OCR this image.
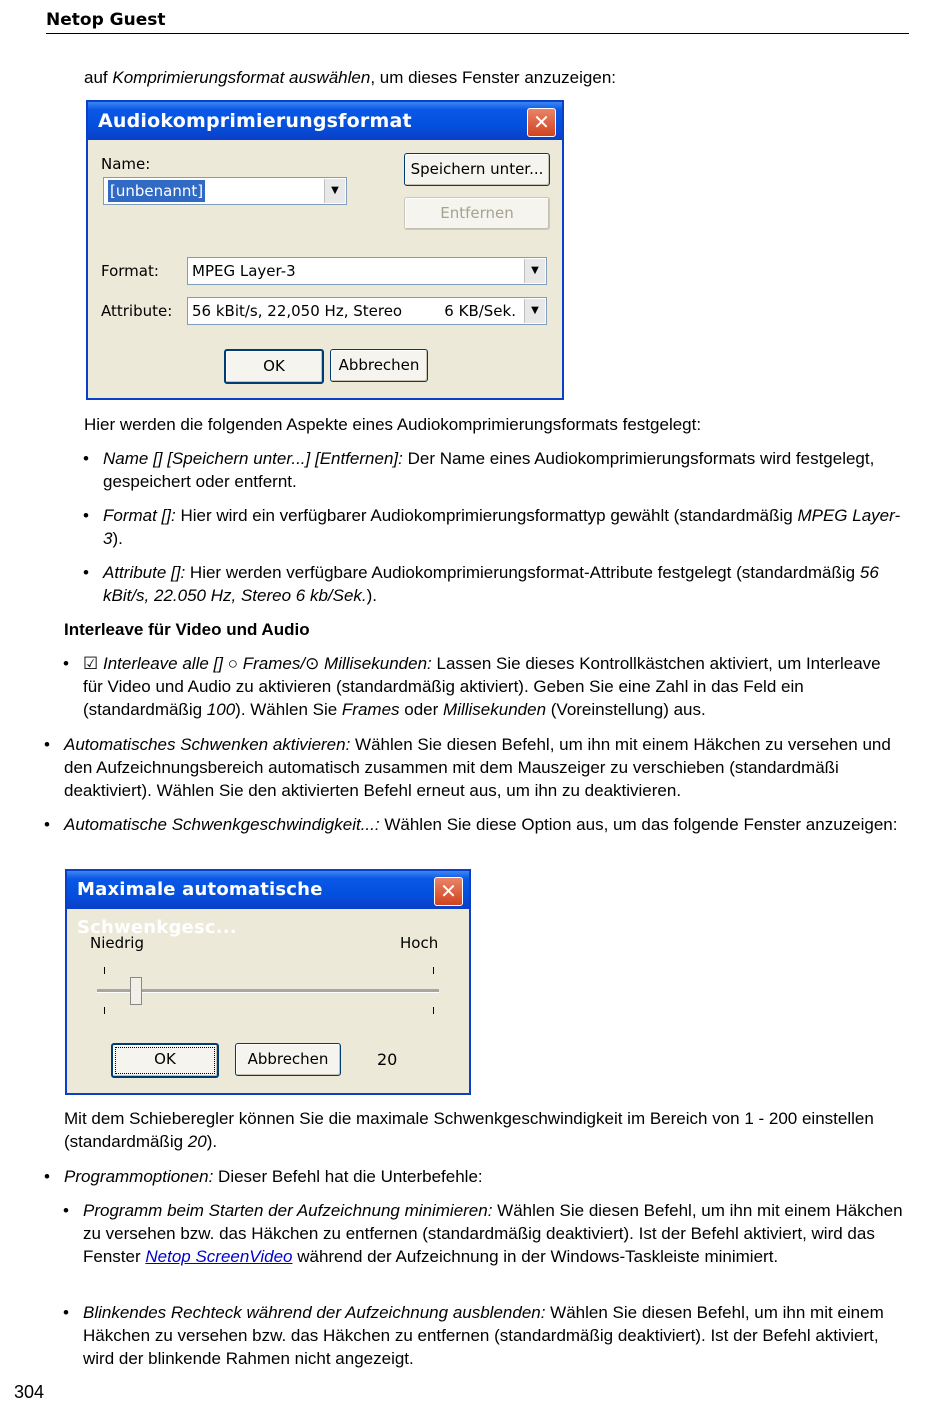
Netop Guest
auf Komprimierungsformat auswählen, um dieses Fenster anzuzeigen:
Audiokomprimierungsformat	✕
Name:
[unbenannt]	▼
Speichern unter...
Entfernen
Format: MPEG Layer-3	▼
Attribute: 56 kBit/s, 22,050 Hz, Stereo	6 KB/Sek.	▼
OK	Abbrechen
Hier werden die folgenden Aspekte eines Audiokomprimierungsformats festgelegt:
• Name [] [Speichern unter...] [Entfernen]: Der Name eines Audiokomprimierungsformats wird festgelegt, gespeichert oder entfernt.
• Format []: Hier wird ein verfügbarer Audiokomprimierungsformattyp gewählt (standardmäßig MPEG Layer-3).
• Attribute []: Hier werden verfügbare Audiokomprimierungsformat-Attribute festgelegt (standardmäßig 56 kBit/s, 22.050 Hz, Stereo 6 kb/Sek.).
Interleave für Video und Audio
• ☑ Interleave alle [] ○ Frames/⊙ Millisekunden: Lassen Sie dieses Kontrollkästchen aktiviert, um Interleave für Video und Audio zu aktivieren (standardmäßig aktiviert). Geben Sie eine Zahl in das Feld ein (standardmäßig 100). Wählen Sie Frames oder Millisekunden (Voreinstellung) aus.
• Automatisches Schwenken aktivieren: Wählen Sie diesen Befehl, um ihn mit einem Häkchen zu versehen und den Aufzeichnungsbereich automatisch zusammen mit dem Mauszeiger zu verschieben (standardmäßi deaktiviert). Wählen Sie den aktivierten Befehl erneut aus, um ihn zu deaktivieren.
• Automatische Schwenkgeschwindigkeit...: Wählen Sie diese Option aus, um das folgende Fenster anzuzeigen:
Maximale automatische Schwenkgesc...
✕
Niedrig	Hoch
OK	Abbrechen	20
Mit dem Schieberegler können Sie die maximale Schwenkgeschwindigkeit im Bereich von 1 - 200 einstellen (standardmäßig 20).
• Programmoptionen: Dieser Befehl hat die Unterbefehle:
• Programm beim Starten der Aufzeichnung minimieren: Wählen Sie diesen Befehl, um ihn mit einem Häkchen zu versehen bzw. das Häkchen zu entfernen (standardmäßig deaktiviert). Ist der Befehl aktiviert, wird das Fenster Netop ScreenVideo während der Aufzeichnung in der Windows-Taskleiste minimiert.
• Blinkendes Rechteck während der Aufzeichnung ausblenden: Wählen Sie diesen Befehl, um ihn mit einem Häkchen zu versehen bzw. das Häkchen zu entfernen (standardmäßig deaktiviert). Ist der Befehl aktiviert, wird der blinkende Rahmen nicht angezeigt.
304
